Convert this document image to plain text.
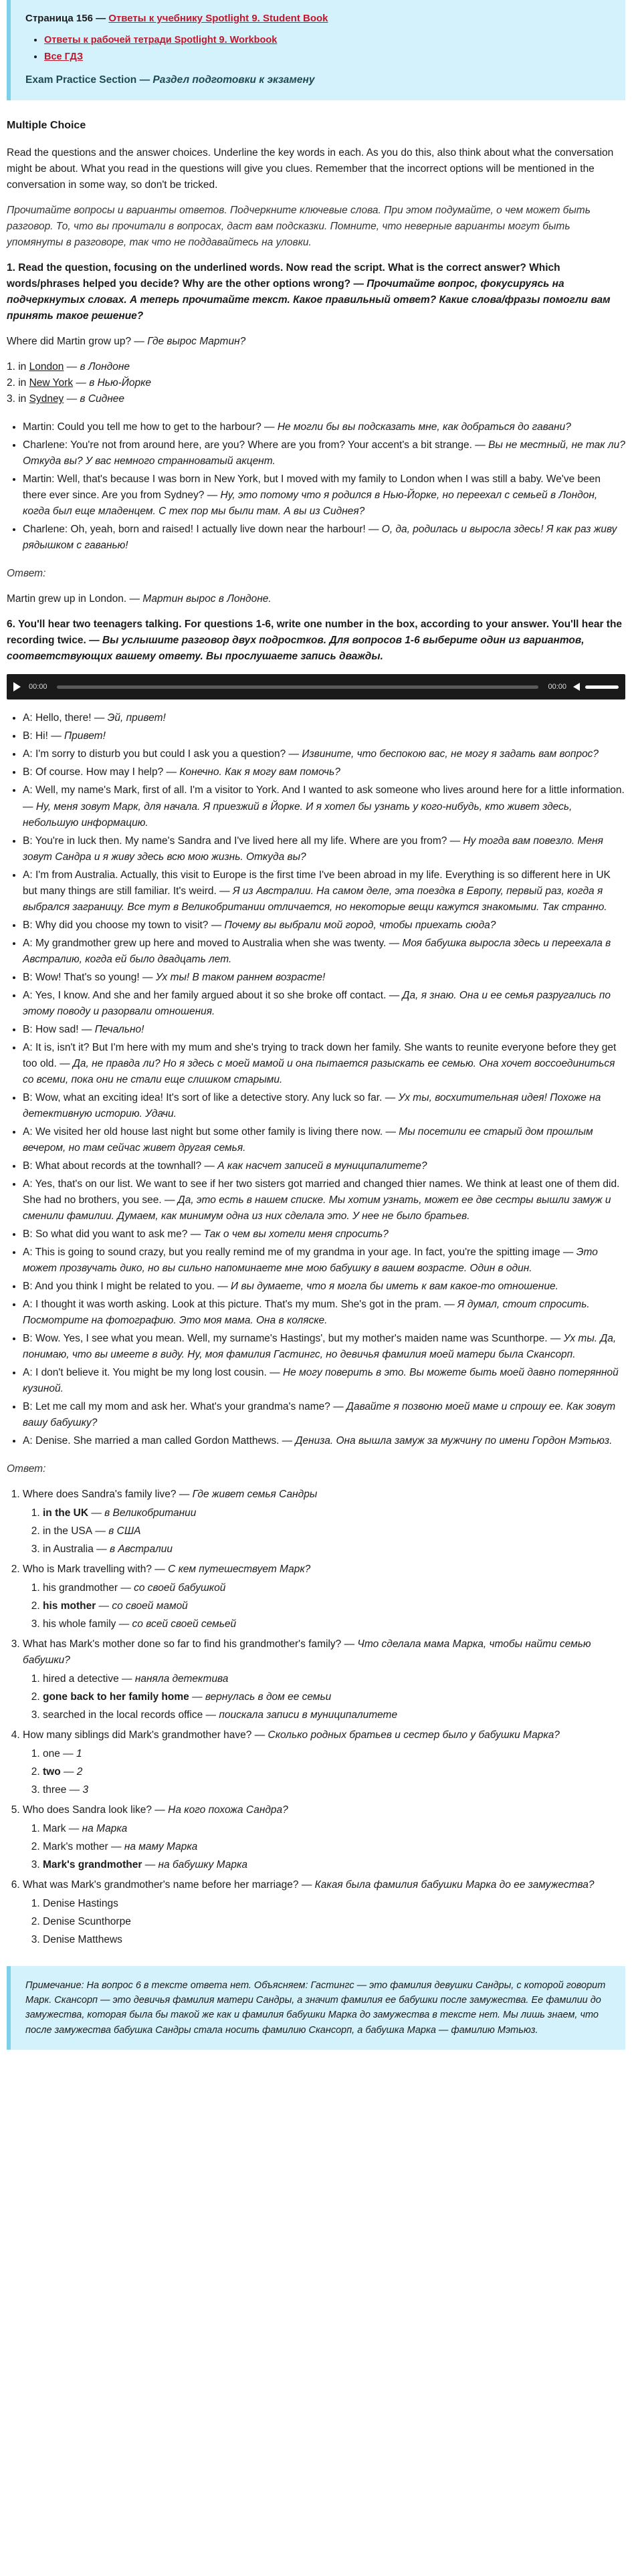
Страница 156 — Ответы к учебнику Spotlight 9. Student Book
• Ответы к рабочей тетради Spotlight 9. Workbook
• Все ГДЗ
Exam Practice Section — Раздел подготовки к экзамену
Multiple Choice

Read the questions and the answer choices. Underline the key words in each. As you do this, also think about what the conversation might be about. What you read in the questions will give you clues. Remember that the incorrect options will be mentioned in the conversation in some way, so don't be tricked.

Прочитайте вопросы и варианты ответов. Подчеркните ключевые слова. При этом подумайте, о чем может быть разговор. То, что вы прочитали в вопросах, даст вам подсказки. Помните, что неверные варианты могут быть упомянуты в разговоре, так что не поддавайтесь на уловки.

1. Read the question, focusing on the underlined words. Now read the script. What is the correct answer? Which words/phrases helped you decide? Why are the other options wrong? — Прочитайте вопрос, фокусируясь на подчеркнутых словах. А теперь прочитайте текст. Какое правильный ответ? Какие слова/фразы помогли вам принять такое решение?

Where did Martin grow up? — Где вырос Мартин?

1. in London — в Лондоне
2. in New York — в Нью-Йорке
3. in Sydney — в Сиднее
• Martin: Could you tell me how to get to the harbour? — Не могли бы вы подсказать мне, как добраться до гавани?
• Charlene: You're not from around here, are you? Where are you from? Your accent's a bit strange. — Вы не местный, не так ли? Откуда вы? У вас немного странноватый акцент.
• Martin: Well, that's because I was born in New York, but I moved with my family to London when I was still a baby. We've been there ever since. Are you from Sydney? — Ну, это потому что я родился в Нью-Йорке, но переехал с семьей в Лондон, когда был еще младенцем. С тех пор мы были там. А вы из Сиднея?
• Charlene: Oh, yeah, born and raised! I actually live down near the harbour! — О, да, родилась и выросла здесь! Я как раз живу рядышком с гаванью!

Ответ:

Martin grew up in London. — Мартин вырос в Лондоне.

6. You'll hear two teenagers talking. For questions 1-6, write one number in the box, according to your answer. You'll hear the recording twice. — Вы услышите разговор двух подростков. Для вопросов 1-6 выберите один из вариантов, соответствующих вашему ответу. Вы прослушаете запись дважды.

00:00	00:00
• A: Hello, there! — Эй, привет!
• B: Hi! — Привет!
• A: I'm sorry to disturb you but could I ask you a question? — Извините, что беспокою вас, не могу я задать вам вопрос?
• B: Of course. How may I help? — Конечно. Как я могу вам помочь?
• A: Well, my name's Mark, first of all. I'm a visitor to York. And I wanted to ask someone who lives around here for a little information. — Ну, меня зовут Марк, для начала. Я приезжий в Йорке. И я хотел бы узнать у кого-нибудь, кто живет здесь, небольшую информацию.
• B: You're in luck then. My name's Sandra and I've lived here all my life. Where are you from? — Ну тогда вам повезло. Меня зовут Сандра и я живу здесь всю мою жизнь. Откуда вы?
• A: I'm from Australia. Actually, this visit to Europe is the first time I've been abroad in my life. Everything is so different here in UK but many things are still familiar. It's weird. — Я из Австралии. На самом деле, эта поездка в Европу, первый раз, когда я выбрался заграницу. Все тут в Великобритании отличается, но некоторые вещи кажутся знакомыми. Так странно.
• B: Why did you choose my town to visit? — Почему вы выбрали мой город, чтобы приехать сюда?
• A: My grandmother grew up here and moved to Australia when she was twenty. — Моя бабушка выросла здесь и переехала в Австралию, когда ей было двадцать лет.
• B: Wow! That's so young! — Ух ты! В таком раннем возрасте!
• A: Yes, I know. And she and her family argued about it so she broke off contact. — Да, я знаю. Она и ее семья разругались по этому поводу и разорвали отношения.
• B: How sad! — Печально!
• A: It is, isn't it? But I'm here with my mum and she's trying to track down her family. She wants to reunite everyone before they get too old. — Да, не правда ли? Но я здесь с моей мамой и она пытается разыскать ее семью. Она хочет воссоединиться со всеми, пока они не стали еще слишком старыми.
• B: Wow, what an exciting idea! It's sort of like a detective story. Any luck so far. — Ух ты, восхитительная идея! Похоже на детективную историю. Удачи.
• A: We visited her old house last night but some other family is living there now. — Мы посетили ее старый дом прошлым вечером, но там сейчас живет другая семья.
• B: What about records at the townhall? — А как насчет записей в муниципалитете?
• A: Yes, that's on our list. We want to see if her two sisters got married and changed thier names. We think at least one of them did. She had no brothers, you see. — Да, это есть в нашем списке. Мы хотим узнать, может ее две сестры вышли замуж и сменили фамилии. Думаем, как минимум одна из них сделала это. У нее не было братьев.
• B: So what did you want to ask me? — Так о чем вы хотели меня спросить?
• A: This is going to sound crazy, but you really remind me of my grandma in your age. In fact, you're the spitting image — Это может прозвучать дико, но вы сильно напоминаете мне мою бабушку в вашем возрасте. Один в один.
• B: And you think I might be related to you. — И вы думаете, что я могла бы иметь к вам какое-то отношение.
• A: I thought it was worth asking. Look at this picture. That's my mum. She's got in the pram. — Я думал, стоит спросить. Посмотрите на фотографию. Это моя мама. Она в коляске.
• B: Wow. Yes, I see what you mean. Well, my surname's Hastings', but my mother's maiden name was Scunthorpe. — Ух ты. Да, понимаю, что вы имеете в виду. Ну, моя фамилия Гастингс, но девичья фамилия моей матери была Скансорп.
• A: I don't believe it. You might be my long lost cousin. — Не могу поверить в это. Вы можете быть моей давно потерянной кузиной.
• B: Let me call my mom and ask her. What's your grandma's name? — Давайте я позвоню моей маме и спрошу ее. Как зовут вашу бабушку?
• A: Denise. She married a man called Gordon Matthews. — Дениза. Она вышла замуж за мужчину по имени Гордон Мэтьюз.

Ответ:

1. Where does Sandra's family live? — Где живет семья Сандры
1. in the UK — в Великобритании
2. in the USA — в США
3. in Australia — в Австралии
2. Who is Mark travelling with? — С кем путешествует Марк?
1. his grandmother — со своей бабушкой
2. his mother — со своей мамой
3. his whole family — со всей своей семьей
3. What has Mark's mother done so far to find his grandmother's family? — Что сделала мама Марка, чтобы найти семью бабушки?
1. hired a detective — наняла детектива
2. gone back to her family home — вернулась в дом ее семьи
3. searched in the local records office — поискала записи в муниципалитете
4. How many siblings did Mark's grandmother have? — Сколько родных братьев и сестер было у бабушки Марка?
1. one — 1
2. two — 2
3. three — 3
5. Who does Sandra look like? — На кого похожа Сандра?
1. Mark — на Марка
2. Mark's mother — на маму Марка
3. Mark's grandmother — на бабушку Марка
6. What was Mark's grandmother's name before her marriage? — Какая была фамилия бабушки Марка до ее замужества?
1. Denise Hastings
2. Denise Scunthorpe
3. Denise Matthews
Примечание: На вопрос 6 в тексте ответа нет. Объясняем: Гастингс — это фамилия девушки Сандры, с которой говорит Марк. Скансорп — это девичья фамилия матери Сандры, а значит фамилия ее бабушки после замужества. Ее фамилии до замужества, которая была бы такой же как и фамилия бабушки Марка до замужества в тексте нет. Мы лишь знаем, что после замужества бабушка Сандры стала носить фамилию Скансорп, а бабушка Марка — фамилию Мэтьюз.
